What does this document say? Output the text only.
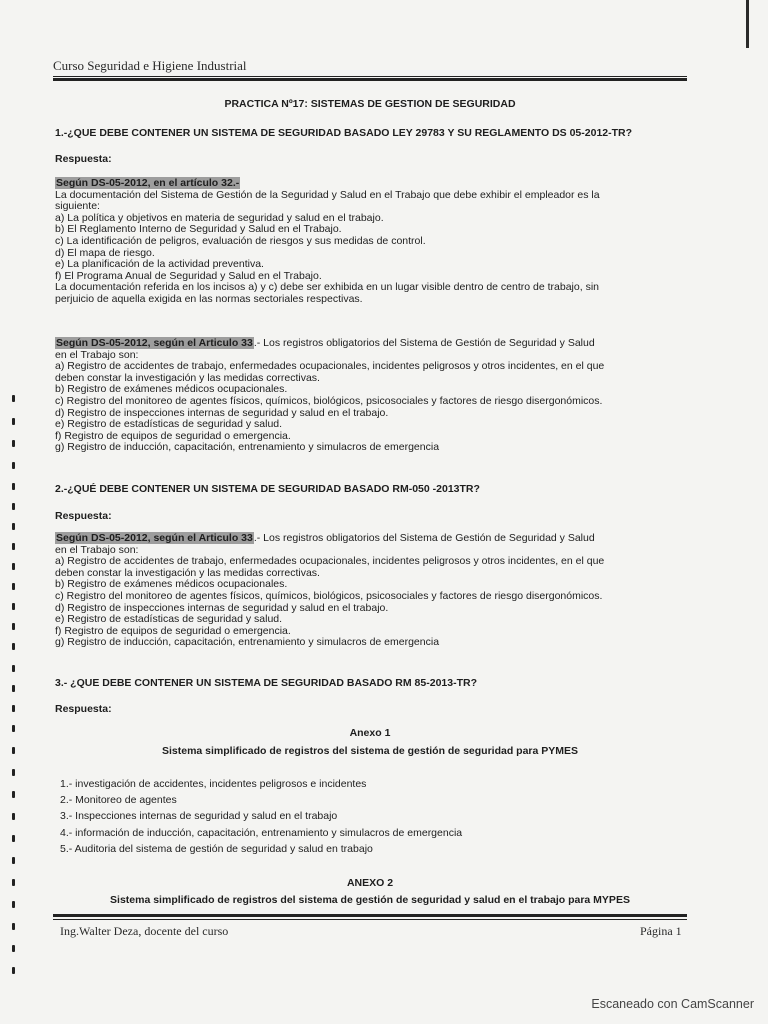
Curso Seguridad e Higiene Industrial
PRACTICA Nº17: SISTEMAS DE GESTION DE SEGURIDAD
1.-¿QUE DEBE CONTENER UN SISTEMA DE SEGURIDAD BASADO LEY 29783 Y SU REGLAMENTO DS 05-2012-TR?
Respuesta:
Según DS-05-2012, en el artículo 32.-
La documentación del Sistema de Gestión de la Seguridad y Salud en el Trabajo que debe exhibir el empleador es la
siguiente:
a) La política y objetivos en materia de seguridad y salud en el trabajo.
b) El Reglamento Interno de Seguridad y Salud en el Trabajo.
c) La identificación de peligros, evaluación de riesgos y sus medidas de control.
d) El mapa de riesgo.
e) La planificación de la actividad preventiva.
f) El Programa Anual de Seguridad y Salud en el Trabajo.
La documentación referida en los incisos a) y c) debe ser exhibida en un lugar visible dentro de centro de trabajo, sin
perjuicio de aquella exigida en las normas sectoriales respectivas.
Según DS-05-2012, según el Articulo 33.- Los registros obligatorios del Sistema de Gestión de Seguridad y Salud
en el Trabajo son:
a) Registro de accidentes de trabajo, enfermedades ocupacionales, incidentes peligrosos y otros incidentes, en el que
deben constar la investigación y las medidas correctivas.
b) Registro de exámenes médicos ocupacionales.
c) Registro del monitoreo de agentes físicos, químicos, biológicos, psicosociales y factores de riesgo disergonómicos.
d) Registro de inspecciones internas de seguridad y salud en el trabajo.
e) Registro de estadísticas de seguridad y salud.
f) Registro de equipos de seguridad o emergencia.
g) Registro de inducción, capacitación, entrenamiento y simulacros de emergencia
2.-¿QUÉ DEBE CONTENER UN SISTEMA DE SEGURIDAD BASADO RM-050 -2013TR?
Respuesta:
Según DS-05-2012, según el Articulo 33.- Los registros obligatorios del Sistema de Gestión de Seguridad y Salud
en el Trabajo son:
a) Registro de accidentes de trabajo, enfermedades ocupacionales, incidentes peligrosos y otros incidentes, en el que
deben constar la investigación y las medidas correctivas.
b) Registro de exámenes médicos ocupacionales.
c) Registro del monitoreo de agentes físicos, químicos, biológicos, psicosociales y factores de riesgo disergonómicos.
d) Registro de inspecciones internas de seguridad y salud en el trabajo.
e) Registro de estadísticas de seguridad y salud.
f) Registro de equipos de seguridad o emergencia.
g) Registro de inducción, capacitación, entrenamiento y simulacros de emergencia
3.- ¿QUE DEBE CONTENER UN SISTEMA DE SEGURIDAD BASADO RM 85-2013-TR?
Respuesta:
Anexo 1
Sistema simplificado de registros del sistema de gestión de seguridad para PYMES
1.- investigación de accidentes, incidentes peligrosos e incidentes
2.- Monitoreo de agentes
3.- Inspecciones internas de seguridad y salud en el trabajo
4.- información de inducción, capacitación, entrenamiento y simulacros de emergencia
5.- Auditoria del sistema de gestión de seguridad y salud en trabajo
ANEXO 2
Sistema simplificado de registros del sistema de gestión de seguridad y salud en el trabajo para MYPES
Ing.Walter Deza, docente del curso	Página 1
Escaneado con CamScanner
